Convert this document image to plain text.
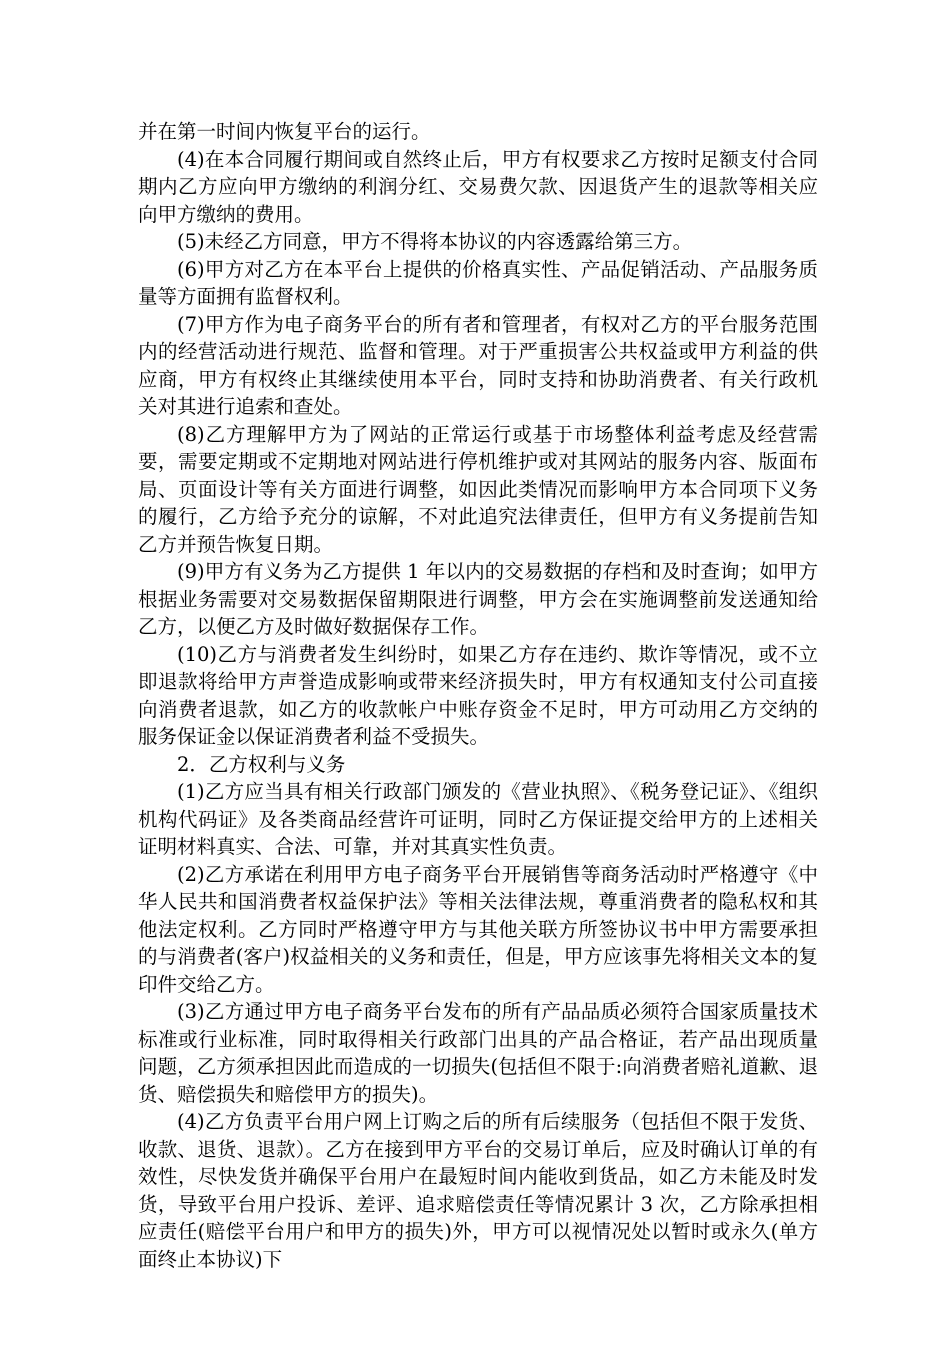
并在第一时间内恢复平台的运行。

(4)在本合同履行期间或自然终止后，甲方有权要求乙方按时足额支付合同期内乙方应向甲方缴纳的利润分红、交易费欠款、因退货产生的退款等相关应向甲方缴纳的费用。

(5)未经乙方同意，甲方不得将本协议的内容透露给第三方。

(6)甲方对乙方在本平台上提供的价格真实性、产品促销活动、产品服务质量等方面拥有监督权利。

(7)甲方作为电子商务平台的所有者和管理者，有权对乙方的平台服务范围内的经营活动进行规范、监督和管理。对于严重损害公共权益或甲方利益的供应商，甲方有权终止其继续使用本平台，同时支持和协助消费者、有关行政机关对其进行追索和查处。

(8)乙方理解甲方为了网站的正常运行或基于市场整体利益考虑及经营需要，需要定期或不定期地对网站进行停机维护或对其网站的服务内容、版面布局、页面设计等有关方面进行调整，如因此类情况而影响甲方本合同项下义务的履行，乙方给予充分的谅解，不对此追究法律责任，但甲方有义务提前告知乙方并预告恢复日期。

(9)甲方有义务为乙方提供 1 年以内的交易数据的存档和及时查询；如甲方根据业务需要对交易数据保留期限进行调整，甲方会在实施调整前发送通知给乙方，以便乙方及时做好数据保存工作。

(10)乙方与消费者发生纠纷时，如果乙方存在违约、欺诈等情况，或不立即退款将给甲方声誉造成影响或带来经济损失时，甲方有权通知支付公司直接向消费者退款，如乙方的收款帐户中账存资金不足时，甲方可动用乙方交纳的服务保证金以保证消费者利益不受损失。

2．乙方权利与义务

(1)乙方应当具有相关行政部门颁发的《营业执照》、《税务登记证》、《组织机构代码证》及各类商品经营许可证明，同时乙方保证提交给甲方的上述相关证明材料真实、合法、可靠，并对其真实性负责。

(2)乙方承诺在利用甲方电子商务平台开展销售等商务活动时严格遵守《中华人民共和国消费者权益保护法》等相关法律法规，尊重消费者的隐私权和其他法定权利。乙方同时严格遵守甲方与其他关联方所签协议书中甲方需要承担的与消费者(客户)权益相关的义务和责任，但是，甲方应该事先将相关文本的复印件交给乙方。

(3)乙方通过甲方电子商务平台发布的所有产品品质必须符合国家质量技术标准或行业标准，同时取得相关行政部门出具的产品合格证，若产品出现质量问题，乙方须承担因此而造成的一切损失(包括但不限于:向消费者赔礼道歉、退货、赔偿损失和赔偿甲方的损失)。

(4)乙方负责平台用户网上订购之后的所有后续服务（包括但不限于发货、收款、退货、退款）。乙方在接到甲方平台的交易订单后，应及时确认订单的有效性，尽快发货并确保平台用户在最短时间内能收到货品，如乙方未能及时发货，导致平台用户投诉、差评、追求赔偿责任等情况累计 3 次，乙方除承担相应责任(赔偿平台用户和甲方的损失)外，甲方可以视情况处以暂时或永久(单方面终止本协议)下
